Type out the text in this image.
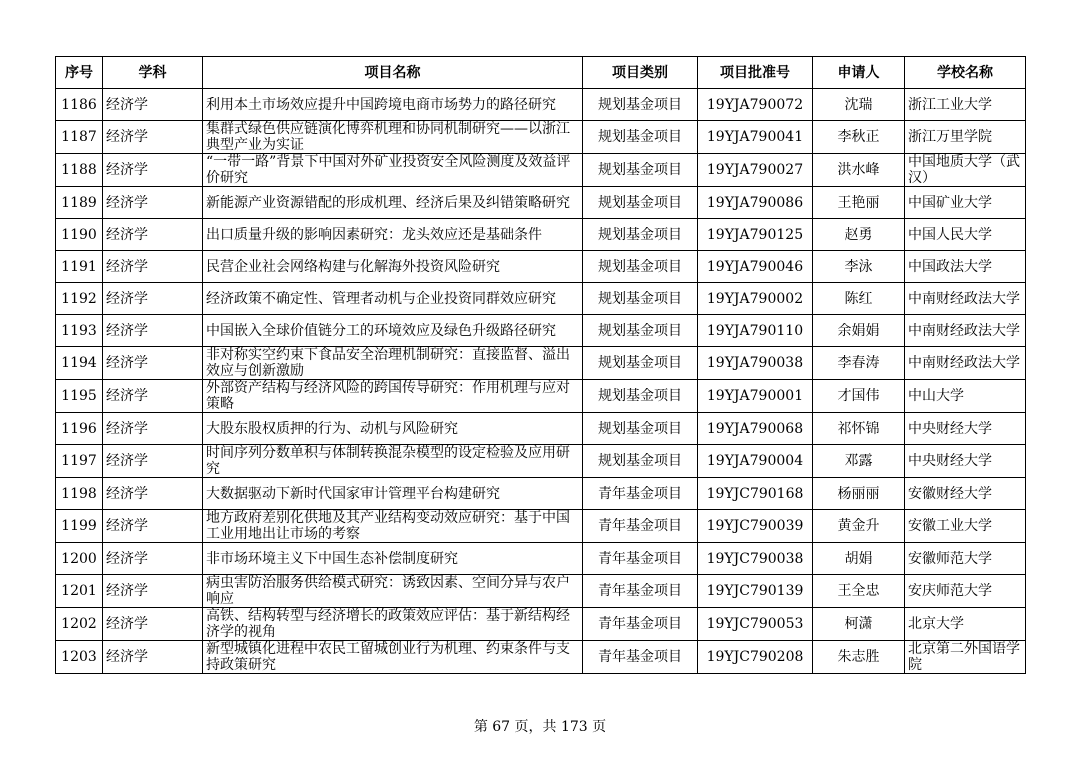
序号	学科	项目名称	项目类别	项目批准号	申请人	学校名称

1186	经济学	利用本土市场效应提升中国跨境电商市场势力的路径研究	规划基金项目	19YJA790072	沈瑞	浙江工业大学

1187	经济学	集群式绿色供应链演化博弈机理和协同机制研究——以浙江典型产业为实证	规划基金项目	19YJA790041	李秋正	浙江万里学院

1188	经济学	“一带一路”背景下中国对外矿业投资安全风险测度及效益评价研究	规划基金项目	19YJA790027	洪水峰	中国地质大学（武汉）

1189	经济学	新能源产业资源错配的形成机理、经济后果及纠错策略研究	规划基金项目	19YJA790086	王艳丽	中国矿业大学

1190	经济学	出口质量升级的影响因素研究：龙头效应还是基础条件	规划基金项目	19YJA790125	赵勇	中国人民大学

1191	经济学	民营企业社会网络构建与化解海外投资风险研究	规划基金项目	19YJA790046	李泳	中国政法大学

1192	经济学	经济政策不确定性、管理者动机与企业投资同群效应研究	规划基金项目	19YJA790002	陈红	中南财经政法大学

1193	经济学	中国嵌入全球价值链分工的环境效应及绿色升级路径研究	规划基金项目	19YJA790110	余娟娟	中南财经政法大学

1194	经济学	非对称实空约束下食品安全治理机制研究：直接监督、溢出效应与创新激励	规划基金项目	19YJA790038	李春涛	中南财经政法大学

1195	经济学	外部资产结构与经济风险的跨国传导研究：作用机理与应对策略	规划基金项目	19YJA790001	才国伟	中山大学

1196	经济学	大股东股权质押的行为、动机与风险研究	规划基金项目	19YJA790068	祁怀锦	中央财经大学

1197	经济学	时间序列分数单积与体制转换混杂模型的设定检验及应用研究	规划基金项目	19YJA790004	邓露	中央财经大学

1198	经济学	大数据驱动下新时代国家审计管理平台构建研究	青年基金项目	19YJC790168	杨丽丽	安徽财经大学

1199	经济学	地方政府差别化供地及其产业结构变动效应研究：基于中国工业用地出让市场的考察	青年基金项目	19YJC790039	黄金升	安徽工业大学

1200	经济学	非市场环境主义下中国生态补偿制度研究	青年基金项目	19YJC790038	胡娟	安徽师范大学

1201	经济学	病虫害防治服务供给模式研究：诱致因素、空间分异与农户响应	青年基金项目	19YJC790139	王全忠	安庆师范大学

1202	经济学	高铁、结构转型与经济增长的政策效应评估：基于新结构经济学的视角	青年基金项目	19YJC790053	柯潇	北京大学

1203	经济学	新型城镇化进程中农民工留城创业行为机理、约束条件与支持政策研究	青年基金项目	19YJC790208	朱志胜	北京第二外国语学院
第 67 页，共 173 页
